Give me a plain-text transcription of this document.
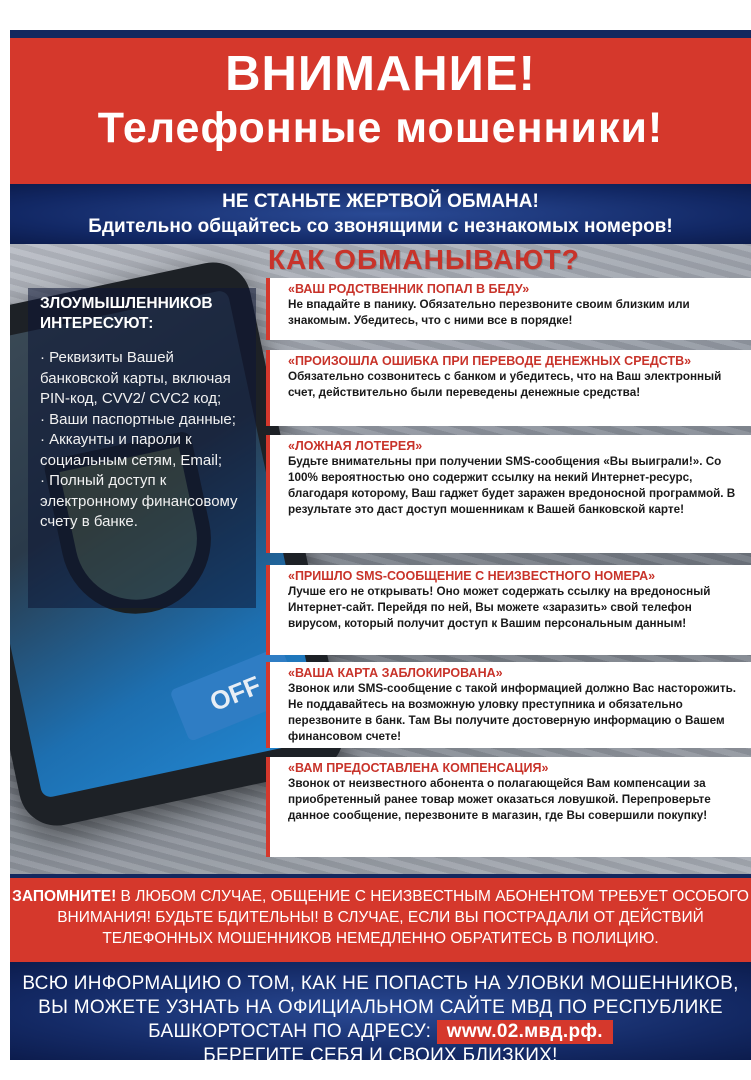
ВНИМАНИЕ!
Телефонные мошенники!
НЕ СТАНЬТЕ ЖЕРТВОЙ ОБМАНА!
Бдительно общайтесь со звонящими с незнакомых номеров!
OFF
КАК ОБМАНЫВАЮТ?
ЗЛОУМЫШЛЕННИКОВ ИНТЕРЕСУЮТ:
· Реквизиты Вашей банковской карты, включая PIN-код, CVV2/ CVC2 код;
· Ваши паспортные данные;
· Аккаунты и пароли к социальным сетям, Email;
· Полный доступ к электронному финансовому счету в банке.
«ВАШ РОДСТВЕННИК ПОПАЛ В БЕДУ»
Не впадайте в панику. Обязательно перезвоните своим близким или знакомым. Убедитесь, что с ними все в порядке!
«ПРОИЗОШЛА ОШИБКА ПРИ ПЕРЕВОДЕ ДЕНЕЖНЫХ СРЕДСТВ»
Обязательно созвонитесь с банком и убедитесь, что на Ваш электронный счет, действительно были переведены денежные средства!
«ЛОЖНАЯ ЛОТЕРЕЯ»
Будьте внимательны при получении SMS-сообщения «Вы выиграли!». Со 100% вероятностью оно содержит ссылку на некий Интернет-ресурс, благодаря которому, Ваш гаджет будет заражен вредоносной программой. В результате это даст доступ мошенникам к Вашей банковской карте!
«ПРИШЛО SMS-СООБЩЕНИЕ С НЕИЗВЕСТНОГО НОМЕРА»
Лучше его не открывать! Оно может содержать ссылку на вредоносный Интернет-сайт. Перейдя по ней, Вы можете «заразить» свой телефон вирусом, который получит доступ к Вашим персональным данным!
«ВАША КАРТА ЗАБЛОКИРОВАНА»
Звонок или SMS-сообщение с такой информацией должно Вас насторожить. Не поддавайтесь на возможную уловку преступника и обязательно перезвоните в банк. Там Вы получите достоверную информацию о Вашем финансовом счете!
«ВАМ ПРЕДОСТАВЛЕНА КОМПЕНСАЦИЯ»
Звонок от неизвестного абонента о полагающейся Вам компенсации за приобретенный ранее товар может оказаться ловушкой. Перепроверьте данное сообщение, перезвоните в магазин, где Вы совершили покупку!
ЗАПОМНИТЕ! В ЛЮБОМ СЛУЧАЕ, ОБЩЕНИЕ С НЕИЗВЕСТНЫМ АБОНЕНТОМ ТРЕБУЕТ ОСОБОГО ВНИМАНИЯ! БУДЬТЕ БДИТЕЛЬНЫ! В СЛУЧАЕ, ЕСЛИ ВЫ ПОСТРАДАЛИ ОТ ДЕЙСТВИЙ ТЕЛЕФОННЫХ МОШЕННИКОВ НЕМЕДЛЕННО ОБРАТИТЕСЬ В ПОЛИЦИЮ.
ВСЮ ИНФОРМАЦИЮ О ТОМ, КАК НЕ ПОПАСТЬ НА УЛОВКИ МОШЕННИКОВ, ВЫ МОЖЕТЕ УЗНАТЬ НА ОФИЦИАЛЬНОМ САЙТЕ МВД ПО РЕСПУБЛИКЕ БАШКОРТОСТАН ПО АДРЕСУ: www.02.мвд.рф.
БЕРЕГИТЕ СЕБЯ И СВОИХ БЛИЗКИХ!
